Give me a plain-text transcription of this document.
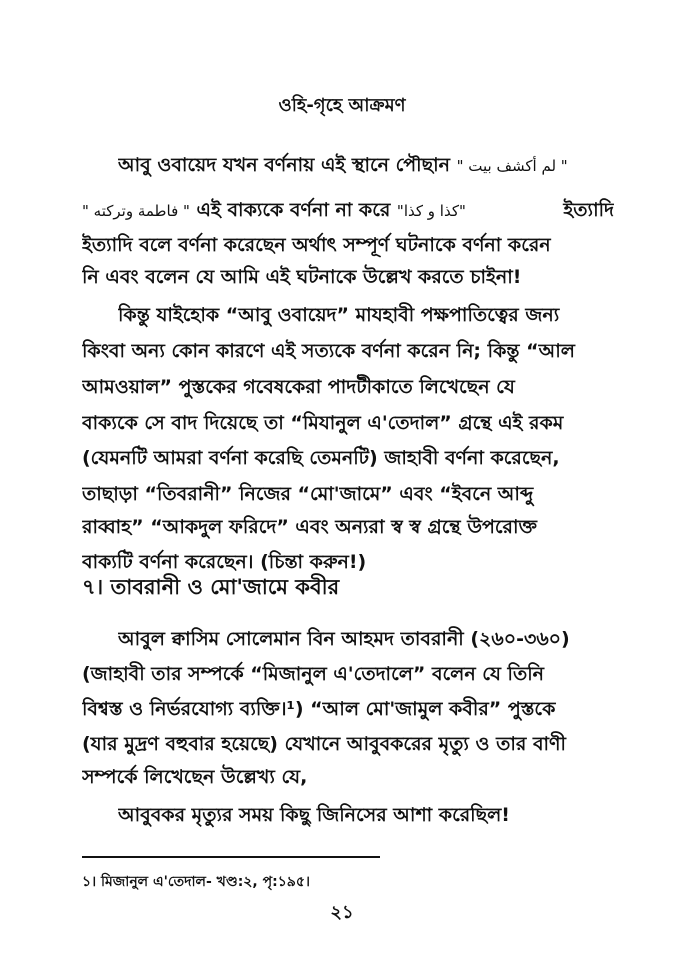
ওহি-গৃহে আক্রমণ
আবু ওবায়েদ যখন বর্ণনায় এই স্থানে পৌছান " لم أكشف بيت "
" فاطمة وتركته " এই বাক্যকে বর্ণনা না করে "كذا و كذا"	ইত্যাদি
ইত্যাদি বলে বর্ণনা করেছেন অর্থাৎ সম্পূর্ণ ঘটনাকে বর্ণনা করেন
নি এবং বলেন যে আমি এই ঘটনাকে উল্লেখ করতে চাইনা!
কিন্তু যাইহোক “আবু ওবায়েদ” মাযহাবী পক্ষপাতিত্বের জন্য
কিংবা অন্য কোন কারণে এই সত্যকে বর্ণনা করেন নি; কিন্তু “আল
আমওয়াল” পুস্তকের গবেষকেরা পাদটীকাতে লিখেছেন যে
বাক্যকে সে বাদ দিয়েছে তা “মিযানুল এ'তেদাল” গ্রন্থে এই রকম
(যেমনটি আমরা বর্ণনা করেছি তেমনটি) জাহাবী বর্ণনা করেছেন,
তাছাড়া “তিবরানী” নিজের “মো'জামে” এবং “ইবনে আব্দু
রাব্বাহ” “আকদুল ফরিদে” এবং অন্যরা স্ব স্ব গ্রন্থে উপরোক্ত
বাক্যটি বর্ণনা করেছেন। (চিন্তা করুন!)
৭। তাবরানী ও মো'জামে কবীর
আবুল ক্বাসিম সোলেমান বিন আহমদ তাবরানী (২৬০-৩৬০)
(জাহাবী তার সম্পর্কে “মিজানুল এ'তেদালে” বলেন যে তিনি
বিশ্বস্ত ও নির্ভরযোগ্য ব্যক্তি।¹) “আল মো'জামুল কবীর” পুস্তকে
(যার মুদ্রণ বহুবার হয়েছে) যেখানে আবুবকরের মৃত্যু ও তার বাণী
সম্পর্কে লিখেছেন উল্লেখ্য যে,
আবুবকর মৃত্যুর সময় কিছু জিনিসের আশা করেছিল!
১। মিজানুল এ'তেদাল- খণ্ড:২, পৃ:১৯৫।
২১
